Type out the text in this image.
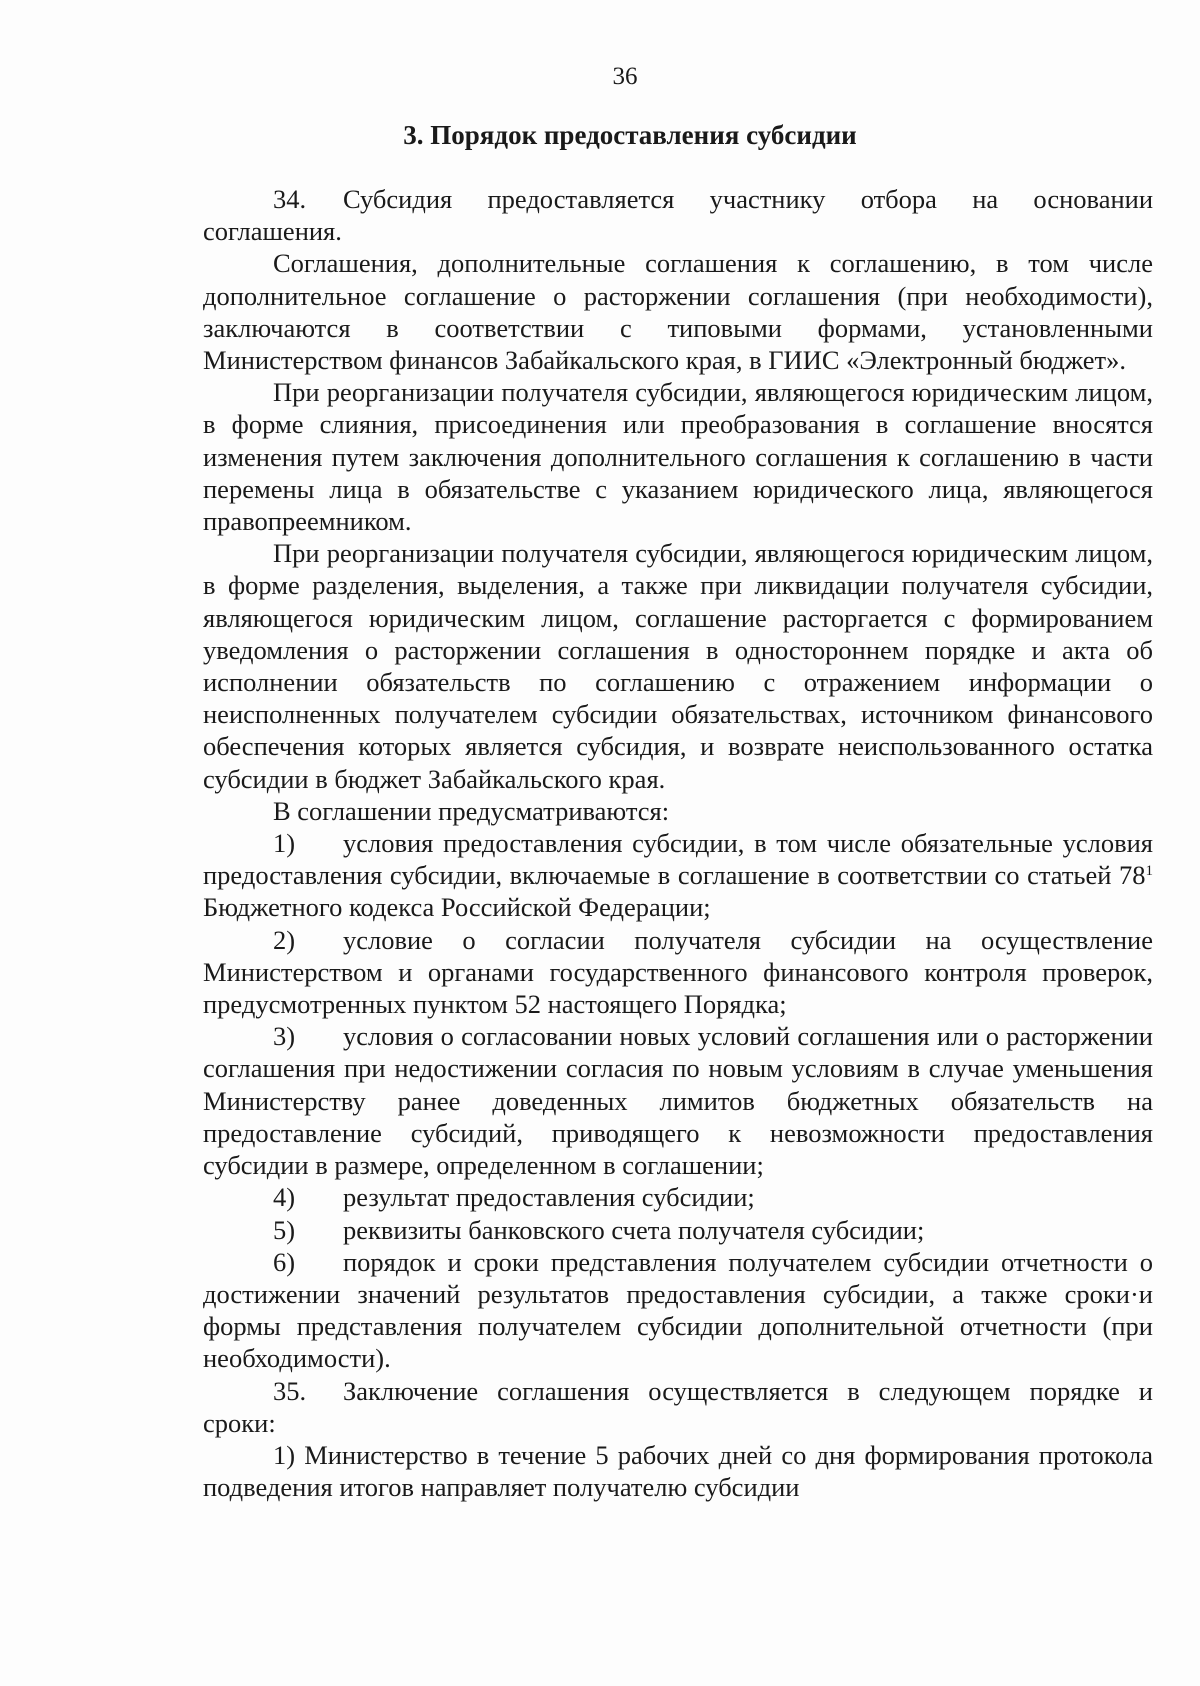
36
3. Порядок предоставления субсидии

34. Субсидия предоставляется участнику отбора на основании соглашения.

Соглашения, дополнительные соглашения к соглашению, в том числе дополнительное соглашение о расторжении соглашения (при необходимости), заключаются в соответствии с типовыми формами, установленными Министерством финансов Забайкальского края, в ГИИС «Электронный бюджет».

При реорганизации получателя субсидии, являющегося юридическим лицом, в форме слияния, присоединения или преобразования в соглашение вносятся изменения путем заключения дополнительного соглашения к соглашению в части перемены лица в обязательстве с указанием юридического лица, являющегося правопреемником.

При реорганизации получателя субсидии, являющегося юридическим лицом, в форме разделения, выделения, а также при ликвидации получателя субсидии, являющегося юридическим лицом, соглашение расторгается с формированием уведомления о расторжении соглашения в одностороннем порядке и акта об исполнении обязательств по соглашению с отражением информации о неисполненных получателем субсидии обязательствах, источником финансового обеспечения которых является субсидия, и возврате неиспользованного остатка субсидии в бюджет Забайкальского края.

В соглашении предусматриваются:

1) условия предоставления субсидии, в том числе обязательные условия предоставления субсидии, включаемые в соглашение в соответствии со статьей $78^1$ Бюджетного кодекса Российской Федерации;

2) условие о согласии получателя субсидии на осуществление Министерством и органами государственного финансового контроля проверок, предусмотренных пунктом 52 настоящего Порядка;

3) условия о согласовании новых условий соглашения или о расторжении соглашения при недостижении согласия по новым условиям в случае уменьшения Министерству ранее доведенных лимитов бюджетных обязательств на предоставление субсидий, приводящего к невозможности предоставления субсидии в размере, определенном в соглашении;

4) результат предоставления субсидии;

5) реквизиты банковского счета получателя субсидии;

6) порядок и сроки представления получателем субсидии отчетности о достижении значений результатов предоставления субсидии, а также сроки·и формы представления получателем субсидии дополнительной отчетности (при необходимости).

35. Заключение соглашения осуществляется в следующем порядке и сроки:

1) Министерство в течение 5 рабочих дней со дня формирования протокола подведения итогов направляет получателю субсидии
